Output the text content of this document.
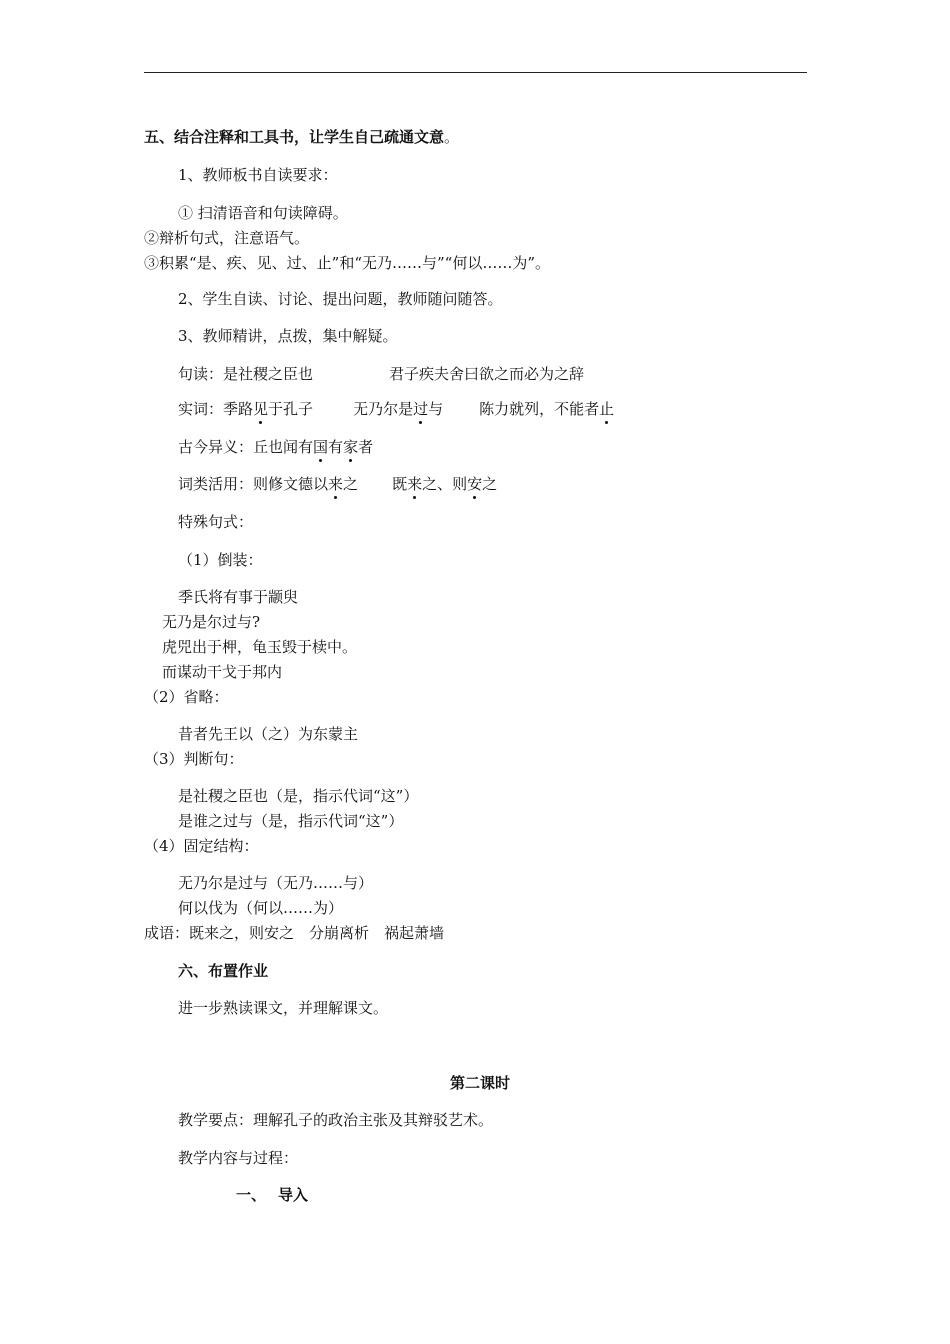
五、结合注释和工具书，让学生自己疏通文意。
1、教师板书自读要求：
① 扫清语音和句读障碍。
②辩析句式，注意语气。
③积累“是、疾、见、过、止”和“无乃……与”“何以……为”。
2、学生自读、讨论、提出问题，教师随问随答。
3、教师精讲，点拨，集中解疑。
句读：是社稷之臣也	君子疾夫舍曰欲之而必为之辞
实词：季路见于孔子	无乃尔是过与 陈力就列，不能者止
古今异义：丘也闻有国有家者
词类活用：则修文德以来之 既来之、则安之
特殊句式：
（1）倒装：
季氏将有事于颛臾
无乃是尔过与?
虎兕出于柙，龟玉毁于椟中。
而谋动干戈于邦内
（2）省略：
昔者先王以（之）为东蒙主
（3）判断句：
是社稷之臣也（是，指示代词“这”）
是谁之过与（是，指示代词“这”）
（4）固定结构：
无乃尔是过与（无乃……与）
何以伐为（何以……为）
成语：既来之，则安之　分崩离析　祸起萧墙
六、布置作业
进一步熟读课文，并理解课文。
第二课时
教学要点：理解孔子的政治主张及其辩驳艺术。
教学内容与过程：
一、 导入
